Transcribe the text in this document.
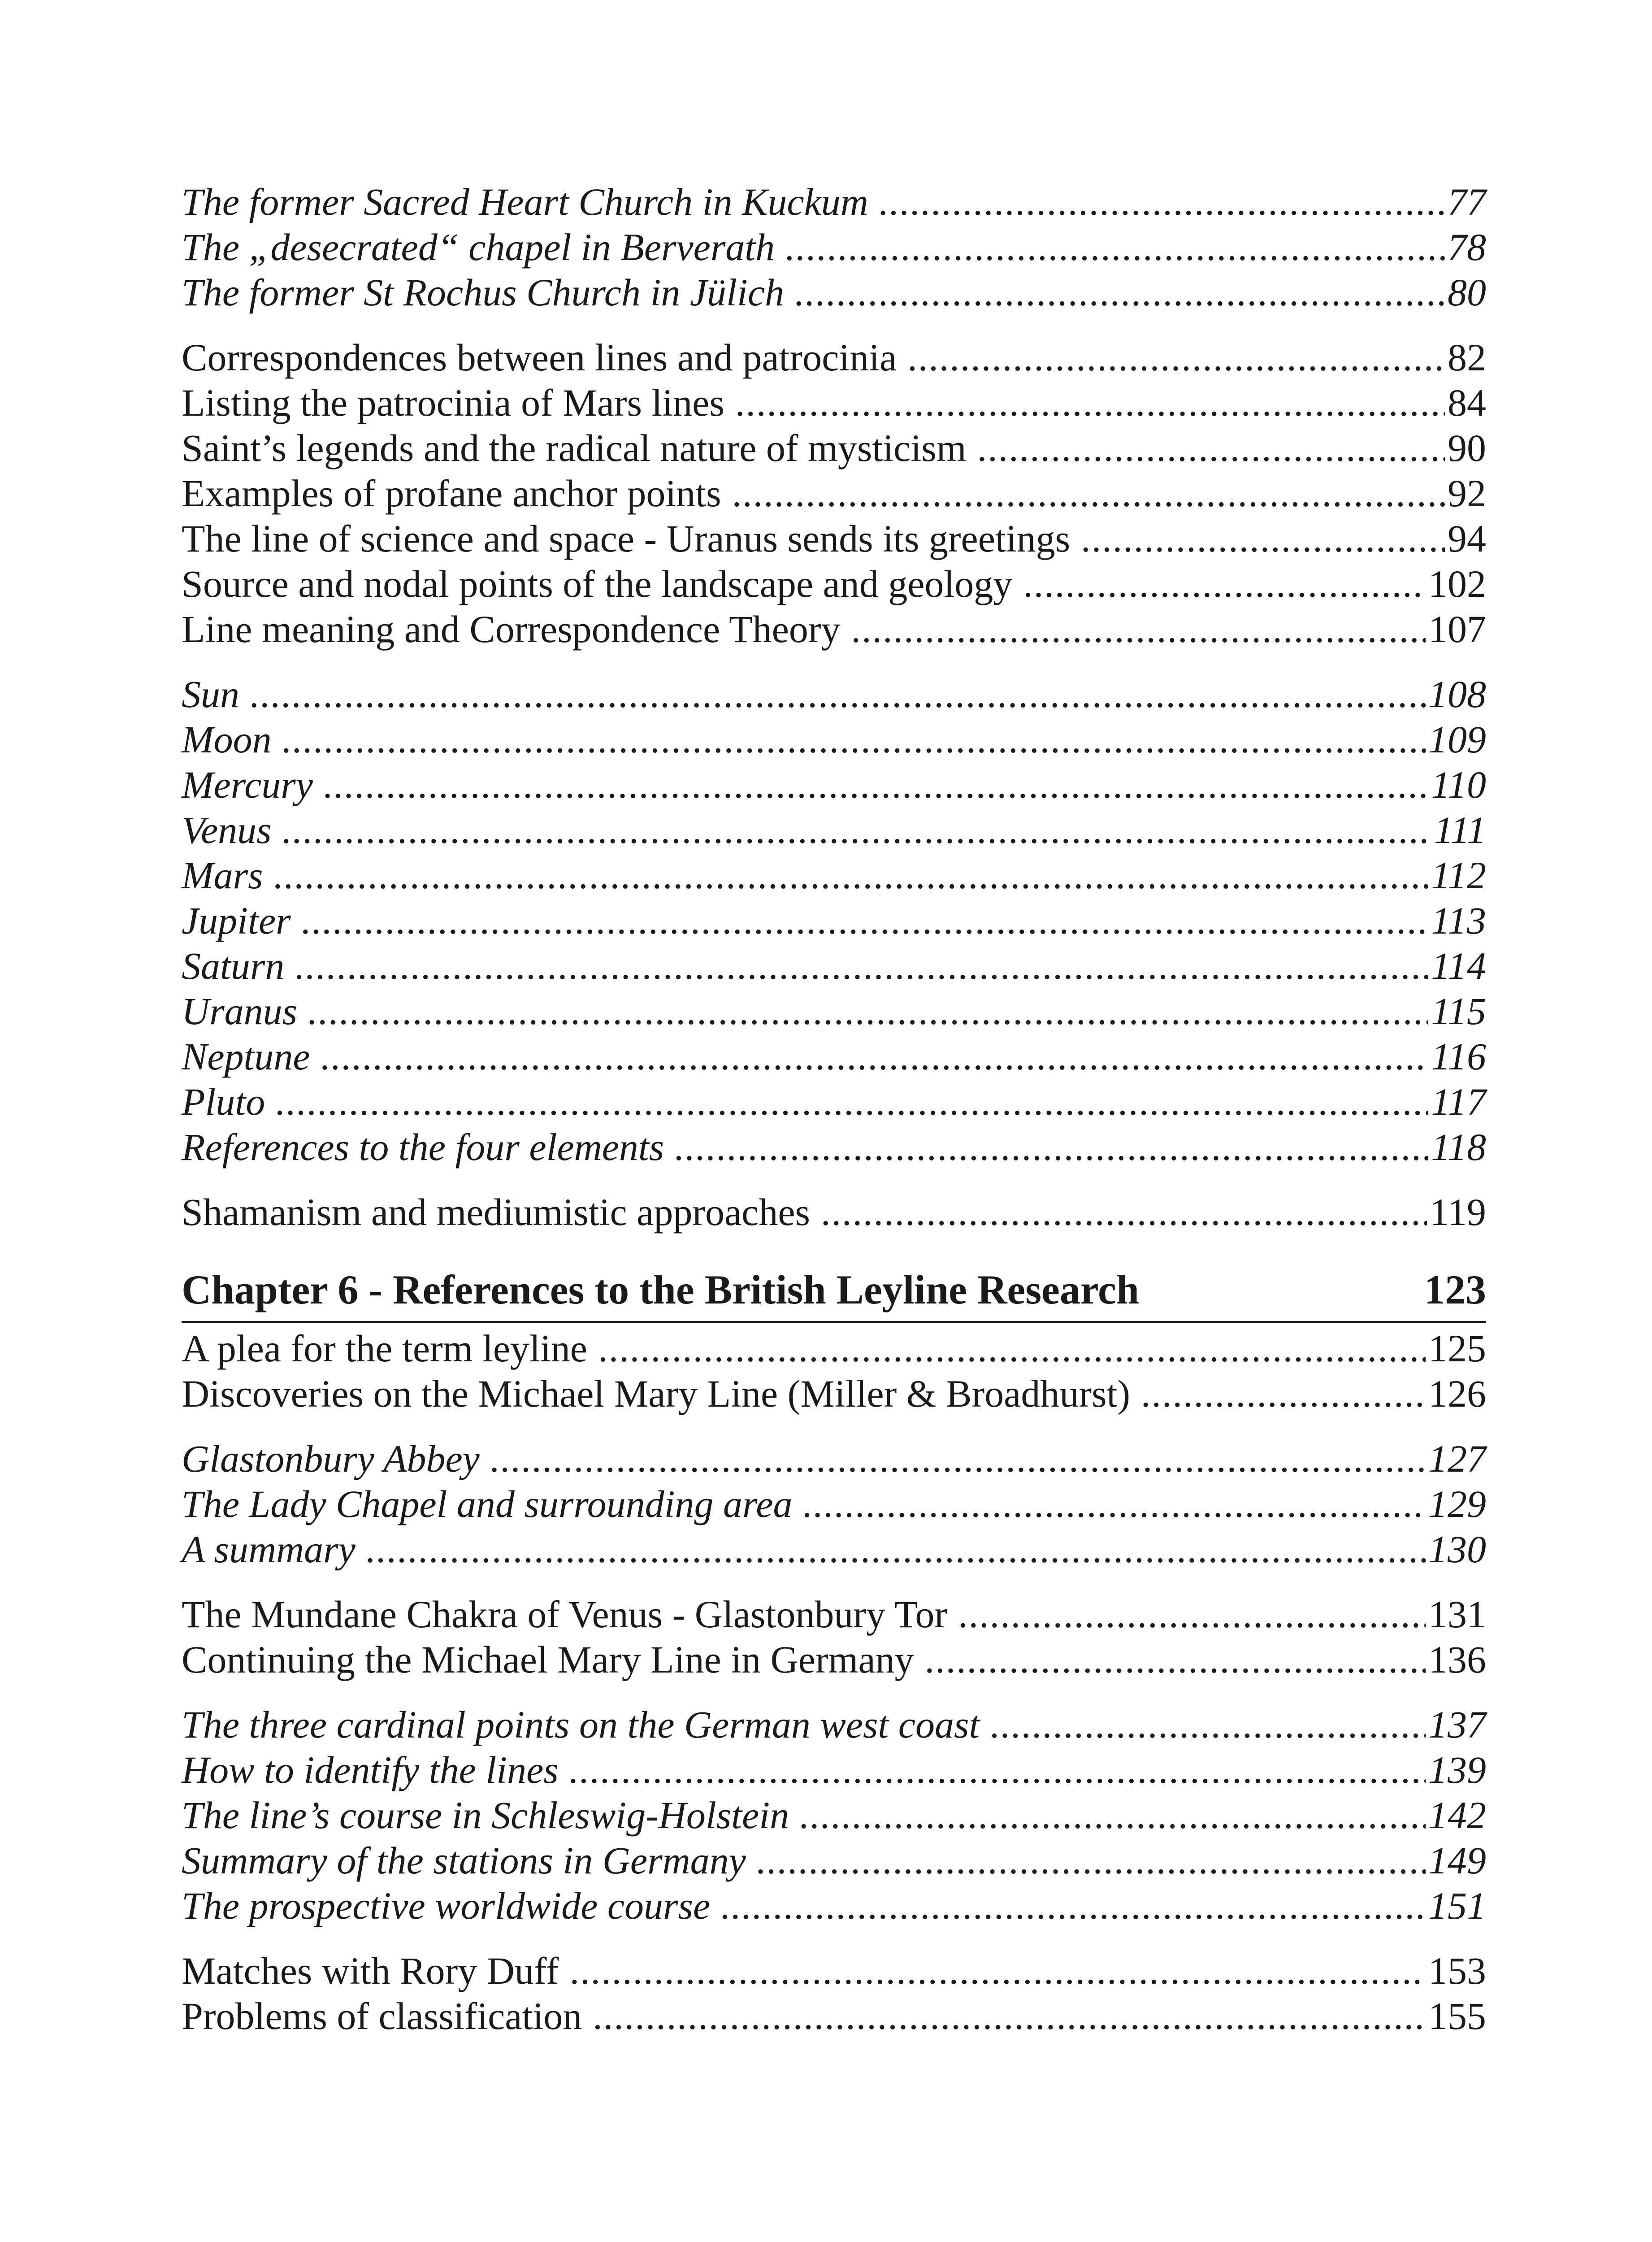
The former Sacred Heart Church in Kuckum .....	77
The „desecrated“ chapel in Berverath .....	78
The former St Rochus Church in Jülich .....	80
Correspondences between lines and patrocinia .....	82
Listing the patrocinia of Mars lines .....	84
Saint’s legends and the radical nature of mysticism .....	90
Examples of profane anchor points .....	92
The line of science and space - Uranus sends its greetings .....	94
Source and nodal points of the landscape and geology .....	102
Line meaning and Correspondence Theory .....	107
Sun .....	108
Moon .....	109
Mercury .....	110
Venus .....	111
Mars .....	112
Jupiter .....	113
Saturn .....	114
Uranus .....	115
Neptune .....	116
Pluto .....	117
References to the four elements .....	118
Shamanism and mediumistic approaches .....	119
Chapter 6 - References to the British Leyline Research	123
A plea for the term leyline .....	125
Discoveries on the Michael Mary Line (Miller & Broadhurst) .....	126
Glastonbury Abbey .....	127
The Lady Chapel and surrounding area .....	129
A summary .....	130
The Mundane Chakra of Venus - Glastonbury Tor .....	131
Continuing the Michael Mary Line in Germany .....	136
The three cardinal points on the German west coast .....	137
How to identify the lines .....	139
The line’s course in Schleswig-Holstein .....	142
Summary of the stations in Germany .....	149
The prospective worldwide course .....	151
Matches with Rory Duff .....	153
Problems of classification .....	155
